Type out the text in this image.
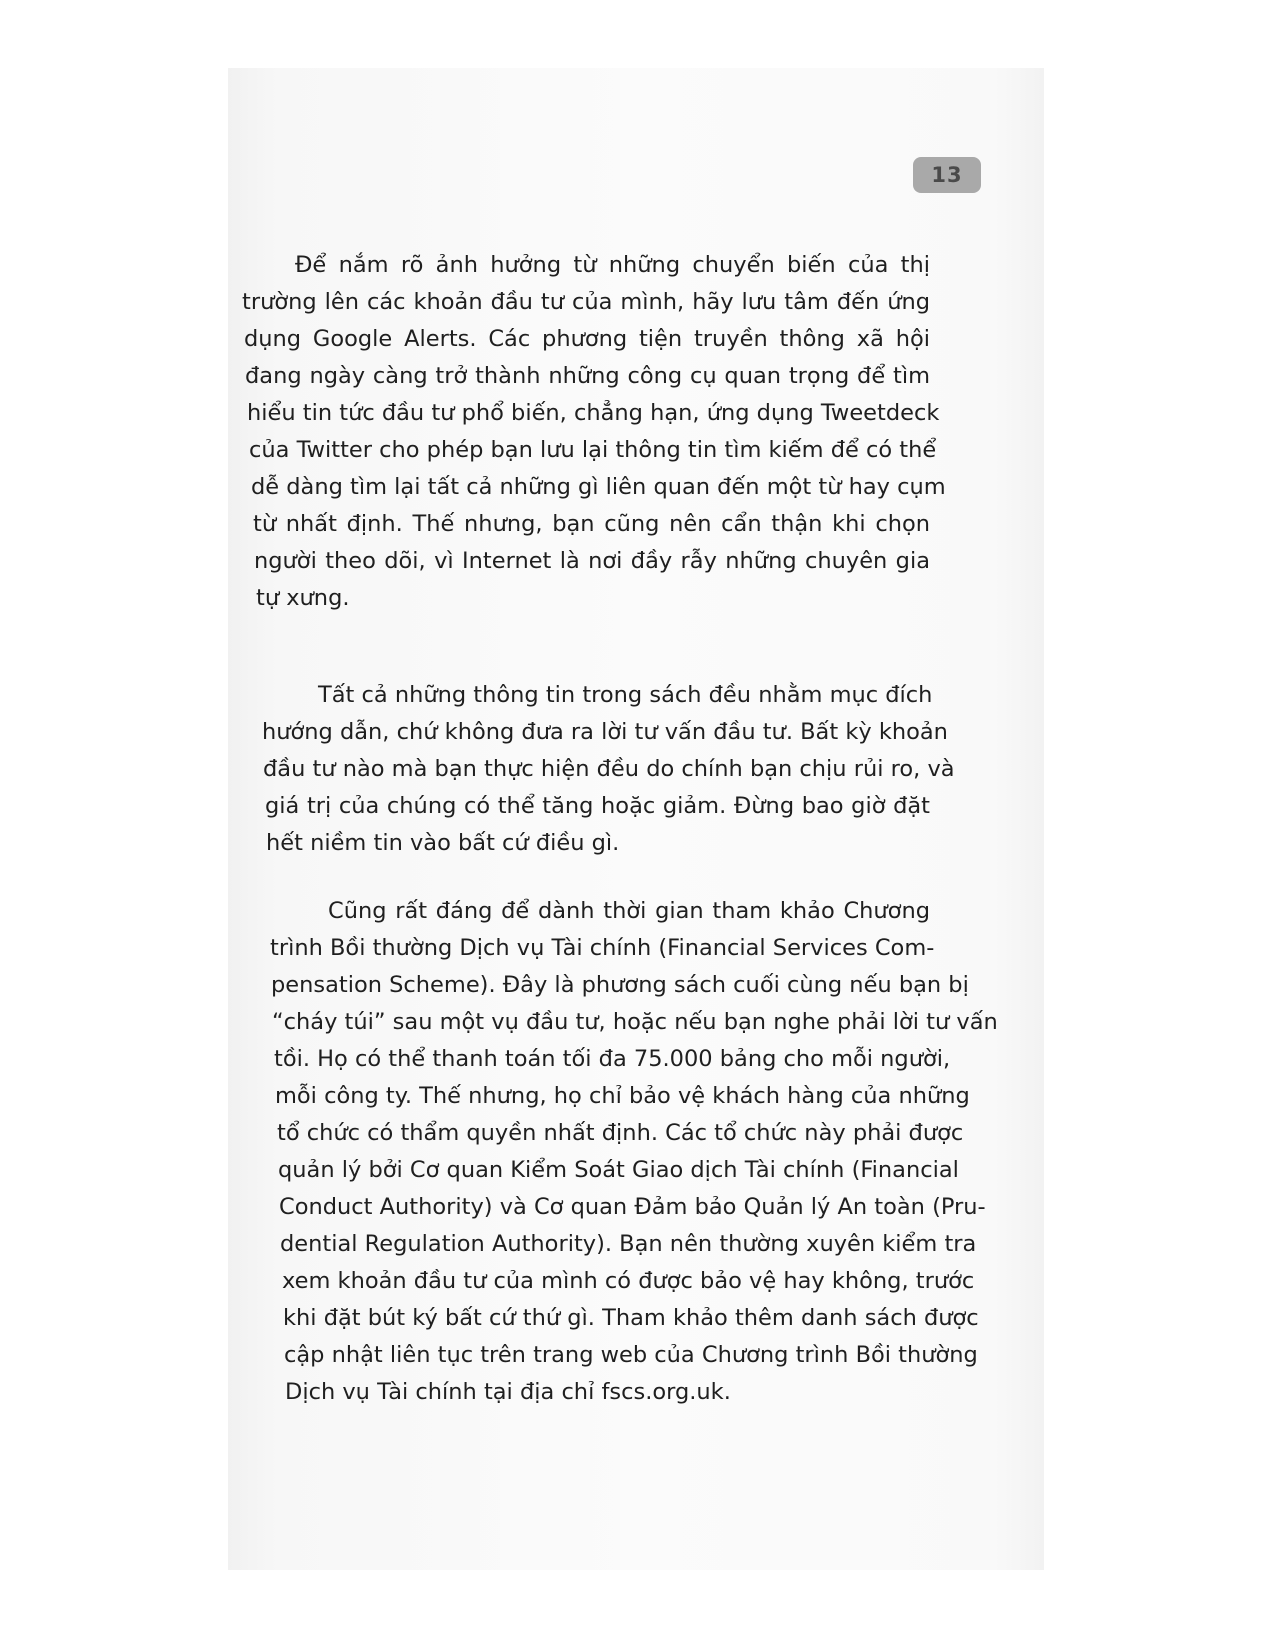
13
Để nắm rõ ảnh hưởng từ những chuyển biến của thị
trường lên các khoản đầu tư của mình, hãy lưu tâm đến ứng
dụng Google Alerts. Các phương tiện truyền thông xã hội
đang ngày càng trở thành những công cụ quan trọng để tìm
hiểu tin tức đầu tư phổ biến, chẳng hạn, ứng dụng Tweetdeck
của Twitter cho phép bạn lưu lại thông tin tìm kiếm để có thể
dễ dàng tìm lại tất cả những gì liên quan đến một từ hay cụm
từ nhất định. Thế nhưng, bạn cũng nên cẩn thận khi chọn
người theo dõi, vì Internet là nơi đầy rẫy những chuyên gia
tự xưng.
Tất cả những thông tin trong sách đều nhằm mục đích
hướng dẫn, chứ không đưa ra lời tư vấn đầu tư. Bất kỳ khoản
đầu tư nào mà bạn thực hiện đều do chính bạn chịu rủi ro, và
giá trị của chúng có thể tăng hoặc giảm. Đừng bao giờ đặt
hết niềm tin vào bất cứ điều gì.
Cũng rất đáng để dành thời gian tham khảo Chương
trình Bồi thường Dịch vụ Tài chính (Financial Services Com-
pensation Scheme). Đây là phương sách cuối cùng nếu bạn bị
“cháy túi” sau một vụ đầu tư, hoặc nếu bạn nghe phải lời tư vấn
tồi. Họ có thể thanh toán tối đa 75.000 bảng cho mỗi người,
mỗi công ty. Thế nhưng, họ chỉ bảo vệ khách hàng của những
tổ chức có thẩm quyền nhất định. Các tổ chức này phải được
quản lý bởi Cơ quan Kiểm Soát Giao dịch Tài chính (Financial
Conduct Authority) và Cơ quan Đảm bảo Quản lý An toàn (Pru-
dential Regulation Authority). Bạn nên thường xuyên kiểm tra
xem khoản đầu tư của mình có được bảo vệ hay không, trước
khi đặt bút ký bất cứ thứ gì. Tham khảo thêm danh sách được
cập nhật liên tục trên trang web của Chương trình Bồi thường
Dịch vụ Tài chính tại địa chỉ fscs.org.uk.
